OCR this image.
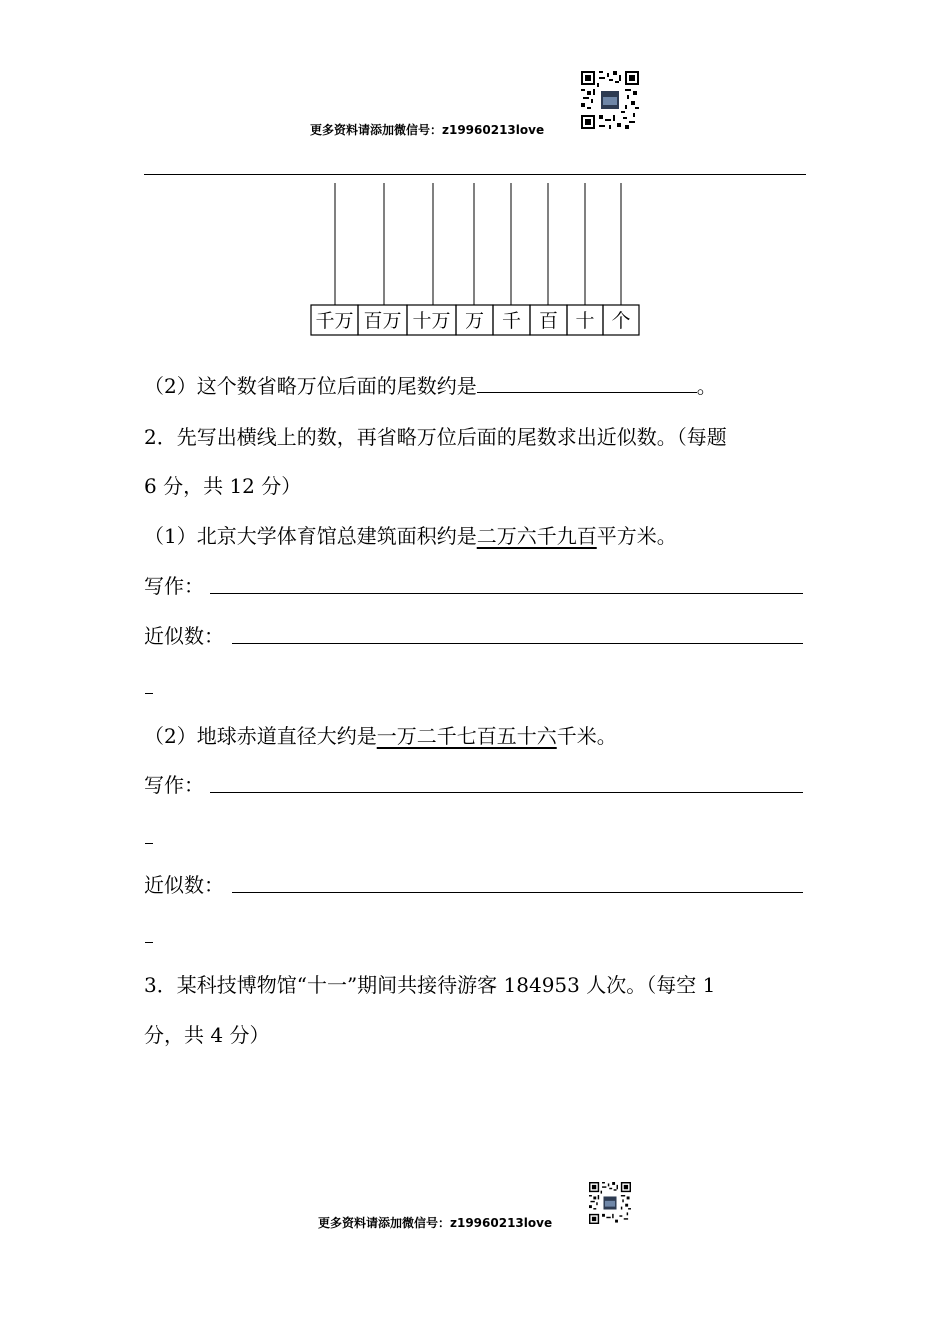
更多资料请添加微信号：z19960213love
千万 百万 十万 万 千 百 十 个
（2）这个数省略万位后面的尾数约是	。
2．先写出横线上的数，再省略万位后面的尾数求出近似数。（每题
6 分，共 12 分）
（1）北京大学体育馆总建筑面积约是二万六千九百平方米。
写作：
近似数：
（2）地球赤道直径大约是一万二千七百五十六千米。
写作：
近似数：
3．某科技博物馆“十一”期间共接待游客 184953 人次。（每空 1
分，共 4 分）
更多资料请添加微信号：z19960213love
